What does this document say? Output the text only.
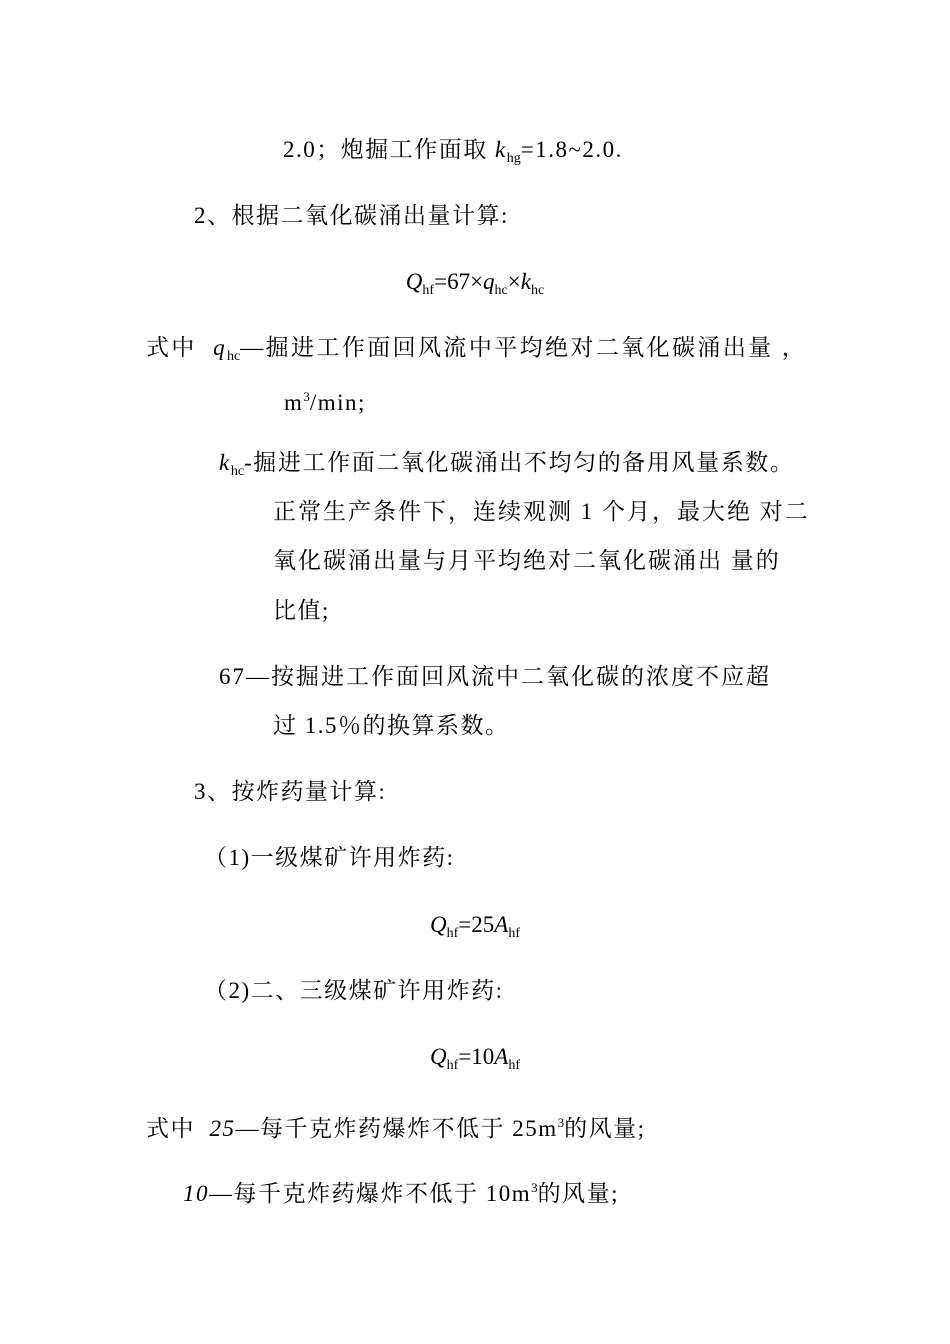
2.0；炮掘工作面取 $k_{hg}=1.8\sim 2.0$.
2、根据二氧化碳涌出量计算:
$Q_{hf}=67\times q_{hc}\times k_{hc}$
式中  $q_{hc}—$掘进工作面回风流中平均绝对二氧化碳涌出量 ，
$m^3/\min$;
$k_{hc}-$掘进工作面二氧化碳涌出不均匀的备用风量系数。
正常生产条件下，连续观测 1 个月，最大绝 对二
氧化碳涌出量与月平均绝对二氧化碳涌出 量的
比值;
67—按掘进工作面回风流中二氧化碳的浓度不应超
过 1.5％的换算系数。
3、按炸药量计算:
（1)一级煤矿许用炸药:
$Q_{hf}=25A_{hf}$
（2)二、三级煤矿许用炸药:
$Q_{hf}=10A_{hf}$
式中  25—每千克炸药爆炸不低于 $25m^3$的风量;
10—每千克炸药爆炸不低于 $10m^3$的风量;
